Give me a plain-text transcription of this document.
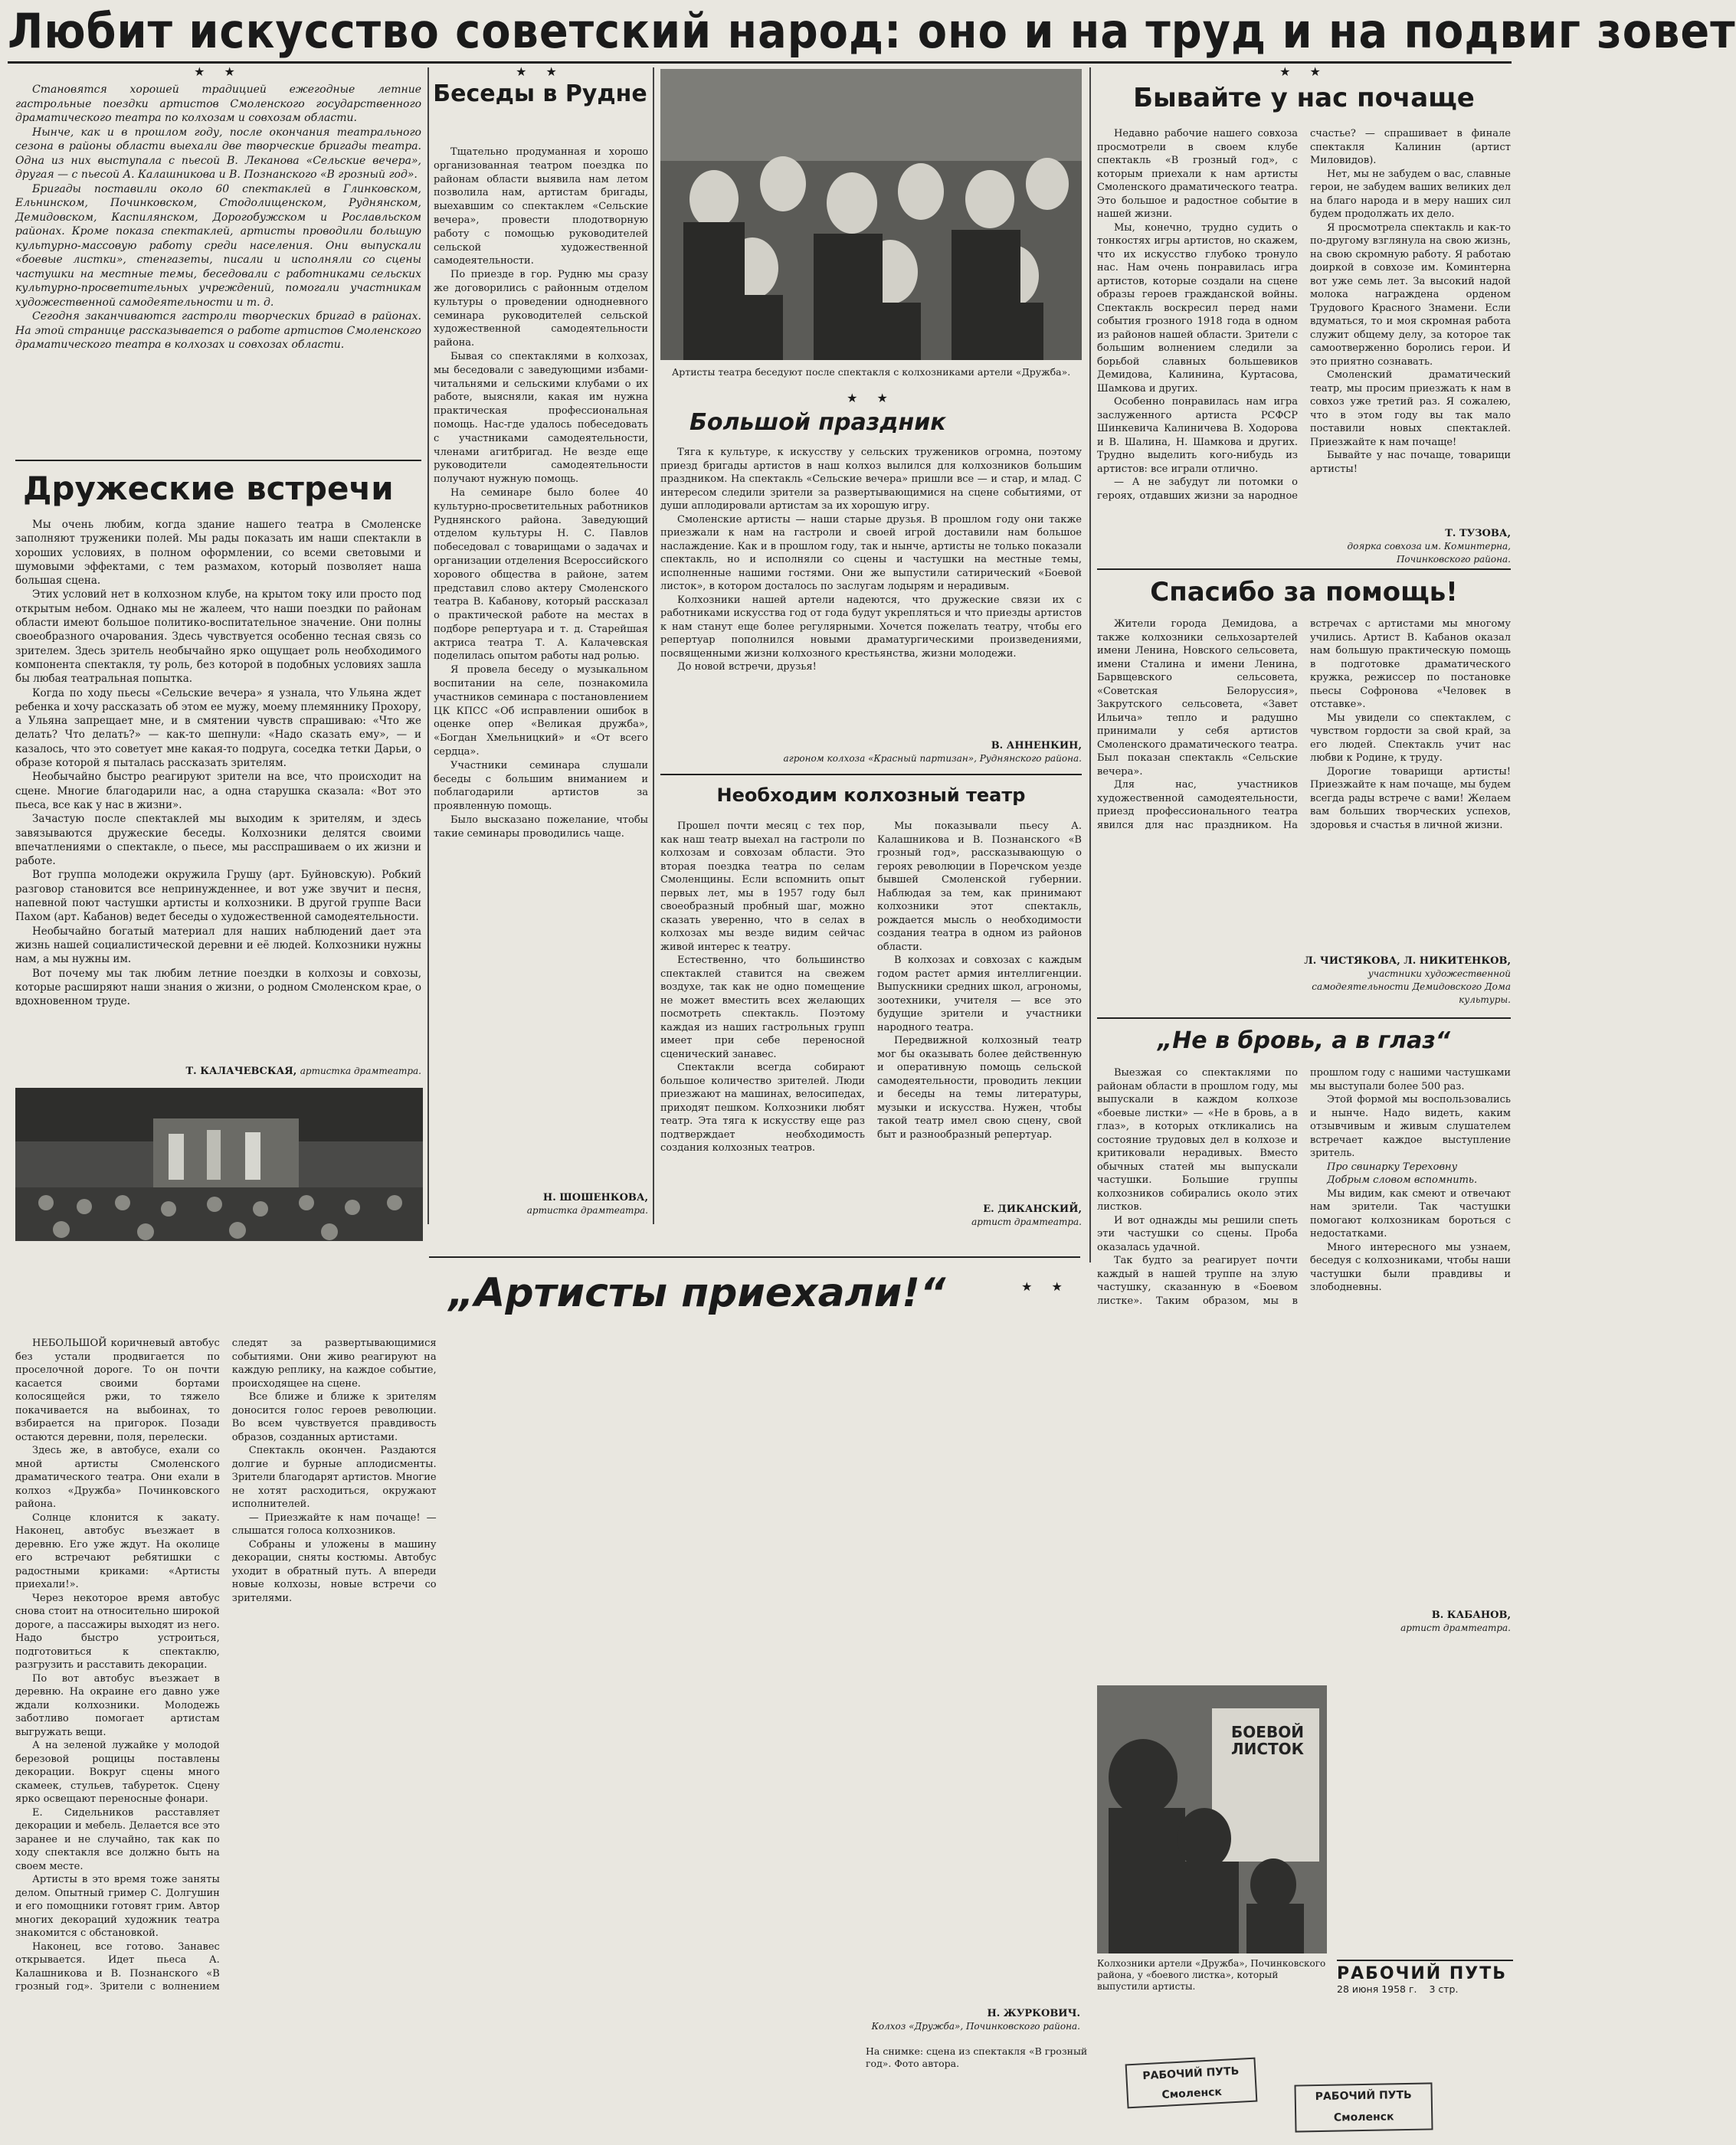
Любит искусство советский народ: оно и на труд и на подвиг зовет
★ ★

Становятся хорошей традицией ежегодные летние гастрольные поездки артистов Смоленского государственного драматического театра по колхозам и совхозам области.

Нынче, как и в прошлом году, после окончания театрального сезона в районы области выехали две творческие бригады театра. Одна из них выступала с пьесой В. Леканова «Сельские вечера», другая — с пьесой А. Калашникова и В. Познанского «В грозный год».

Бригады поставили около 60 спектаклей в Глинковском, Ельнинском, Починковском, Стодолищенском, Руднянском, Демидовском, Каспилянском, Дорогобужском и Рославльском районах. Кроме показа спектаклей, артисты проводили большую культурно-массовую работу среди населения. Они выпускали «боевые листки», стенгазеты, писали и исполняли со сцены частушки на местные темы, беседовали с работниками сельских культурно-просветительных учреждений, помогали участникам художественной самодеятельности и т. д.

Сегодня заканчиваются гастроли творческих бригад в районах. На этой странице рассказывается о работе артистов Смоленского драматического театра в колхозах и совхозах области.

Дружеские встречи

Мы очень любим, когда здание нашего театра в Смоленске заполняют труженики полей. Мы рады показать им наши спектакли в хороших условиях, в полном оформлении, со всеми световыми и шумовыми эффектами, с тем размахом, который позволяет наша большая сцена.

Этих условий нет в колхозном клубе, на крытом току или просто под открытым небом. Однако мы не жалеем, что наши поездки по районам области имеют большое политико-воспитательное значение. Они полны своеобразного очарования. Здесь чувствуется особенно тесная связь со зрителем. Здесь зритель необычайно ярко ощущает роль необходимого компонента спектакля, ту роль, без которой в подобных условиях зашла бы любая театральная попытка.

Когда по ходу пьесы «Сельские вечера» я узнала, что Ульяна ждет ребенка и хочу рассказать об этом ее мужу, моему племяннику Прохору, а Ульяна запрещает мне, и в смятении чувств спрашиваю: «Что же делать? Что делать?» — как-то шепнули: «Надо сказать ему», — и казалось, что это советует мне какая-то подруга, соседка тетки Дарьи, о образе которой я пыталась рассказать зрителям.

Необычайно быстро реагируют зрители на все, что происходит на сцене. Многие благодарили нас, а одна старушка сказала: «Вот это пьеса, все как у нас в жизни».

Зачастую после спектаклей мы выходим к зрителям, и здесь завязываются дружеские беседы. Колхозники делятся своими впечатлениями о спектакле, о пьесе, мы расспрашиваем о их жизни и работе.

Вот группа молодежи окружила Грушу (арт. Буйновскую). Робкий разговор становится все непринужденнее, и вот уже звучит и песня, напевной поют частушки артисты и колхозники. В другой группе Васи Пахом (арт. Кабанов) ведет беседы о художественной самодеятельности.

Необычайно богатый материал для наших наблюдений дает эта жизнь нашей социалистической деревни и её людей. Колхозники нужны нам, а мы нужны им.

Вот почему мы так любим летние поездки в колхозы и совхозы, которые расширяют наши знания о жизни, о родном Смоленском крае, о вдохновенном труде.

Т. КАЛАЧЕВСКАЯ, артистка драмтеатра.
★ ★
Беседы в Рудне

Тщательно продуманная и хорошо организованная театром поездка по районам области выявила нам летом позволила нам, артистам бригады, выехавшим со спектаклем «Сельские вечера», провести плодотворную работу с помощью руководителей сельской художественной самодеятельности.

По приезде в гор. Рудню мы сразу же договорились с районным отделом культуры о проведении однодневного семинара руководителей сельской художественной самодеятельности района.

Бывая со спектаклями в колхозах, мы беседовали с заведующими избами-читальнями и сельскими клубами о их работе, выясняли, какая им нужна практическая профессиональная помощь. Нас-где удалось побеседовать с участниками самодеятельности, членами агитбригад. Не везде еще руководители самодеятельности получают нужную помощь.

На семинаре было более 40 культурно-просветительных работников Руднянского района. Заведующий отделом культуры Н. С. Павлов побеседовал с товарищами о задачах и организации отделения Всероссийского хорового общества в районе, затем представил слово актеру Смоленского театра В. Кабанову, который рассказал о практической работе на местах в подборе репертуара и т. д. Старейшая актриса театра Т. А. Калачевская поделилась опытом работы над ролью.

Я провела беседу о музыкальном воспитании на селе, познакомила участников семинара с постановлением ЦК КПСС «Об исправлении ошибок в оценке опер «Великая дружба», «Богдан Хмельницкий» и «От всего сердца».

Участники семинара слушали беседы с большим вниманием и поблагодарили артистов за проявленную помощь.

Было высказано пожелание, чтобы такие семинары проводились чаще.

Н. ШОШЕНКОВА,
артистка драмтеатра.
Артисты театра беседуют после спектакля с колхозниками артели «Дружба».
★ ★
Большой праздник

Тяга к культуре, к искусству у сельских тружеников огромна, поэтому приезд бригады артистов в наш колхоз вылился для колхозников большим праздником. На спектакль «Сельские вечера» пришли все — и стар, и млад. С интересом следили зрители за развертывающимися на сцене событиями, от души аплодировали артистам за их хорошую игру.

Смоленские артисты — наши старые друзья. В прошлом году они также приезжали к нам на гастроли и своей игрой доставили нам большое наслаждение. Как и в прошлом году, так и нынче, артисты не только показали спектакль, но и исполняли со сцены и частушки на местные темы, исполненные нашими гостями. Они же выпустили сатирический «Боевой листок», в котором досталось по заслугам лодырям и нерадивым.

Колхозники нашей артели надеются, что дружеские связи их с работниками искусства год от года будут укрепляться и что приезды артистов к нам станут еще более регулярными. Хочется пожелать театру, чтобы его репертуар пополнился новыми драматургическими произведениями, посвященными жизни колхозного крестьянства, жизни молодежи.

До новой встречи, друзья!

В. АННЕНКИН,
агроном колхоза «Красный партизан», Руднянского района.
Необходим колхозный театр

Прошел почти месяц с тех пор, как наш театр выехал на гастроли по колхозам и совхозам области. Это вторая поездка театра по селам Смоленщины. Если вспомнить опыт первых лет, мы в 1957 году был своеобразный пробный шаг, можно сказать уверенно, что в селах в колхозах мы везде видим сейчас живой интерес к театру.

Естественно, что большинство спектаклей ставится на свежем воздухе, так как не одно помещение не может вместить всех желающих посмотреть спектакль. Поэтому каждая из наших гастрольных групп имеет при себе переносной сценический занавес.

Спектакли всегда собирают большое количество зрителей. Люди приезжают на машинах, велосипедах, приходят пешком. Колхозники любят театр. Эта тяга к искусству еще раз подтверждает необходимость создания колхозных театров.

Мы показывали пьесу А. Калашникова и В. Познанского «В грозный год», рассказывающую о героях революции в Поречском уезде бывшей Смоленской губернии. Наблюдая за тем, как принимают колхозники этот спектакль, рождается мысль о необходимости создания театра в одном из районов области.

В колхозах и совхозах с каждым годом растет армия интеллигенции. Выпускники средних школ, агрономы, зоотехники, учителя — все это будущие зрители и участники народного театра.

Передвижной колхозный театр мог бы оказывать более действенную и оперативную помощь сельской самодеятельности, проводить лекции и беседы на темы литературы, музыки и искусства. Нужен, чтобы такой театр имел свою сцену, свой быт и разнообразный репертуар.

Е. ДИКАНСКИЙ,
артист драмтеатра.
★ ★
Бывайте у нас почаще

Недавно рабочие нашего совхоза просмотрели в своем клубе спектакль «В грозный год», с которым приехали к нам артисты Смоленского драматического театра. Это большое и радостное событие в нашей жизни.

Мы, конечно, трудно судить о тонкостях игры артистов, но скажем, что их искусство глубоко тронуло нас. Нам очень понравилась игра артистов, которые создали на сцене образы героев гражданской войны. Спектакль воскресил перед нами события грозного 1918 года в одном из районов нашей области. Зрители с большим волнением следили за борьбой славных большевиков Демидова, Калинина, Куртасова, Шамкова и других.

Особенно понравилась нам игра заслуженного артиста РСФСР Шинкевича Калиничева В. Ходорова и В. Шалина, Н. Шамкова и других. Трудно выделить кого-нибудь из артистов: все играли отлично.

— А не забудут ли потомки о героях, отдавших жизни за народное счастье? — спрашивает в финале спектакля Калинин (артист Миловидов).

Нет, мы не забудем о вас, славные герои, не забудем ваших великих дел на благо народа и в меру наших сил будем продолжать их дело.

Я просмотрела спектакль и как-то по-другому взглянула на свою жизнь, на свою скромную работу. Я работаю доиркой в совхозе им. Коминтерна вот уже семь лет. За высокий надой молока награждена орденом Трудового Красного Знамени. Если вдуматься, то и моя скромная работа служит общему делу, за которое так самоотверженно боролись герои. И это приятно сознавать.

Смоленский драматический театр, мы просим приезжать к нам в совхоз уже третий раз. Я сожалею, что в этом году вы так мало поставили новых спектаклей. Приезжайте к нам почаще!

Бывайте у нас почаще, товарищи артисты!

Т. ТУЗОВА,
доярка совхоза им. Коминтерна, Починковского района.
Спасибо за помощь!

Жители города Демидова, а также колхозники сельхозартелей имени Ленина, Новского сельсовета, имени Сталина и имени Ленина, Барвщевского сельсовета, «Советская Белоруссия», Закрутского сельсовета, «Завет Ильича» тепло и радушно принимали у себя артистов Смоленского драматического театра. Был показан спектакль «Сельские вечера».

Для нас, участников художественной самодеятельности, приезд профессионального театра явился для нас праздником. На встречах с артистами мы многому учились. Артист В. Кабанов оказал нам большую практическую помощь в подготовке драматического кружка, режиссер по постановке пьесы Софронова «Человек в отставке».

Мы увидели со спектаклем, с чувством гордости за свой край, за его людей. Спектакль учит нас любви к Родине, к труду.

Дорогие товарищи артисты! Приезжайте к нам почаще, мы будем всегда рады встрече с вами! Желаем вам больших творческих успехов, здоровья и счастья в личной жизни.

Л. ЧИСТЯКОВА, Л. НИКИТЕНКОВ,
участники художественной самодеятельности Демидовского Дома культуры.
„Не в бровь, а в глаз“

Выезжая со спектаклями по районам области в прошлом году, мы выпускали в каждом колхозе «боевые листки» — «Не в бровь, а в глаз», в которых откликались на состояние трудовых дел в колхозе и критиковали нерадивых. Вместо обычных статей мы выпускали частушки. Большие группы колхозников собирались около этих листков.

И вот однажды мы решили спеть эти частушки со сцены. Проба оказалась удачной.

Так будто за реагирует почти каждый в нашей труппе на злую частушку, сказанную в «Боевом листке». Таким образом, мы в прошлом году с нашими частушками мы выступали более 500 раз.

Этой формой мы воспользовались и нынче. Надо видеть, каким отзывчивым и живым слушателем встречает каждое выступление зритель.

Про свинарку Тереховну

Добрым словом вспомнить.

Мы видим, как смеют и отвечают нам зрители. Так частушки помогают колхозникам бороться с недостатками.

Много интересного мы узнаем, беседуя с колхозниками, чтобы наши частушки были правдивы и злободневны.

В. КАБАНОВ,
артист драмтеатра.
„Артисты приехали!“	★ ★

НЕБОЛЬШОЙ коричневый автобус без устали продвигается по проселочной дороге. То он почти касается своими бортами колосящейся ржи, то тяжело покачивается на выбоинах, то взбирается на пригорок. Позади остаются деревни, поля, перелески.

Здесь же, в автобусе, ехали со мной артисты Смоленского драматического театра. Они ехали в колхоз «Дружба» Починковского района.

Солнце клонится к закату. Наконец, автобус въезжает в деревню. Его уже ждут. На околице его встречают ребятишки с радостными криками: «Артисты приехали!».

Через некоторое время автобус снова стоит на относительно широкой дороге, а пассажиры выходят из него. Надо быстро устроиться, подготовиться к спектаклю, разгрузить и расставить декорации.

По вот автобус въезжает в деревню. На окраине его давно уже ждали колхозники. Молодежь заботливо помогает артистам выгружать вещи.

А на зеленой лужайке у молодой березовой рощицы поставлены декорации. Вокруг сцены много скамеек, стульев, табуреток. Сцену ярко освещают переносные фонари.

Е. Сидельников расставляет декорации и мебель. Делается все это заранее и не случайно, так как по ходу спектакля все должно быть на своем месте.

Артисты в это время тоже заняты делом. Опытный гример С. Долгушин и его помощники готовят грим. Автор многих декораций художник театра знакомится с обстановкой.

Наконец, все готово. Занавес открывается. Идет пьеса А. Калашникова и В. Познанского «В грозный год». Зрители с волнением следят за развертывающимися событиями. Они живо реагируют на каждую реплику, на каждое событие, происходящее на сцене.

Все ближе и ближе к зрителям доносится голос героев революции. Во всем чувствуется правдивость образов, созданных артистами.

Спектакль окончен. Раздаются долгие и бурные аплодисменты. Зрители благодарят артистов. Многие не хотят расходиться, окружают исполнителей.

— Приезжайте к нам почаще! — слышатся голоса колхозников.

Собраны и уложены в машину декорации, сняты костюмы. Автобус уходит в обратный путь. А впереди новые колхозы, новые встречи со зрителями.

Н. ЖУРКОВИЧ.
Колхоз «Дружба», Починковского района.
На снимке: сцена из спектакля «В грозный год». Фото автора.
БОЕВОЙ ЛИСТОК
Колхозники артели «Дружба», Починковского района, у «боевого листка», который выпустили артисты.
РАБОЧИЙ ПУТЬ
28 июня 1958 г. 3 стр.
РАБОЧИЙ ПУТЬ Смоленск	РАБОЧИЙ ПУТЬ Смоленск
